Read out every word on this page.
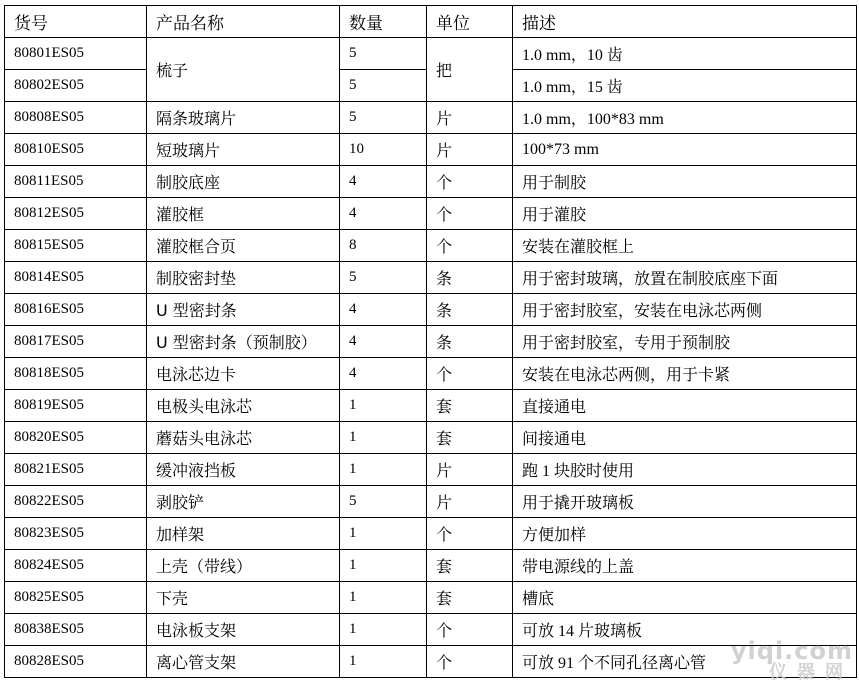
货号	产品名称	数量	单位	描述
80801ES05	梳子	5	把	1.0 mm，10 齿
80802ES05		5		1.0 mm，15 齿
80808ES05	隔条玻璃片	5	片	1.0 mm，100*83 mm
80810ES05	短玻璃片	10	片	100*73 mm
80811ES05	制胶底座	4	个	用于制胶
80812ES05	灌胶框	4	个	用于灌胶
80815ES05	灌胶框合页	8	个	安装在灌胶框上
80814ES05	制胶密封垫	5	条	用于密封玻璃，放置在制胶底座下面
80816ES05	U 型密封条	4	条	用于密封胶室，安装在电泳芯两侧
80817ES05	U 型密封条（预制胶）	4	条	用于密封胶室，专用于预制胶
80818ES05	电泳芯边卡	4	个	安装在电泳芯两侧，用于卡紧
80819ES05	电极头电泳芯	1	套	直接通电
80820ES05	蘑菇头电泳芯	1	套	间接通电
80821ES05	缓冲液挡板	1	片	跑 1 块胶时使用
80822ES05	剥胶铲	5	片	用于撬开玻璃板
80823ES05	加样架	1	个	方便加样
80824ES05	上壳（带线）	1	套	带电源线的上盖
80825ES05	下壳	1	套	槽底
80838ES05	电泳板支架	1	个	可放 14 片玻璃板
80828ES05	离心管支架	1	个	可放 91 个不同孔径离心管 yiqi.com
仪器网
